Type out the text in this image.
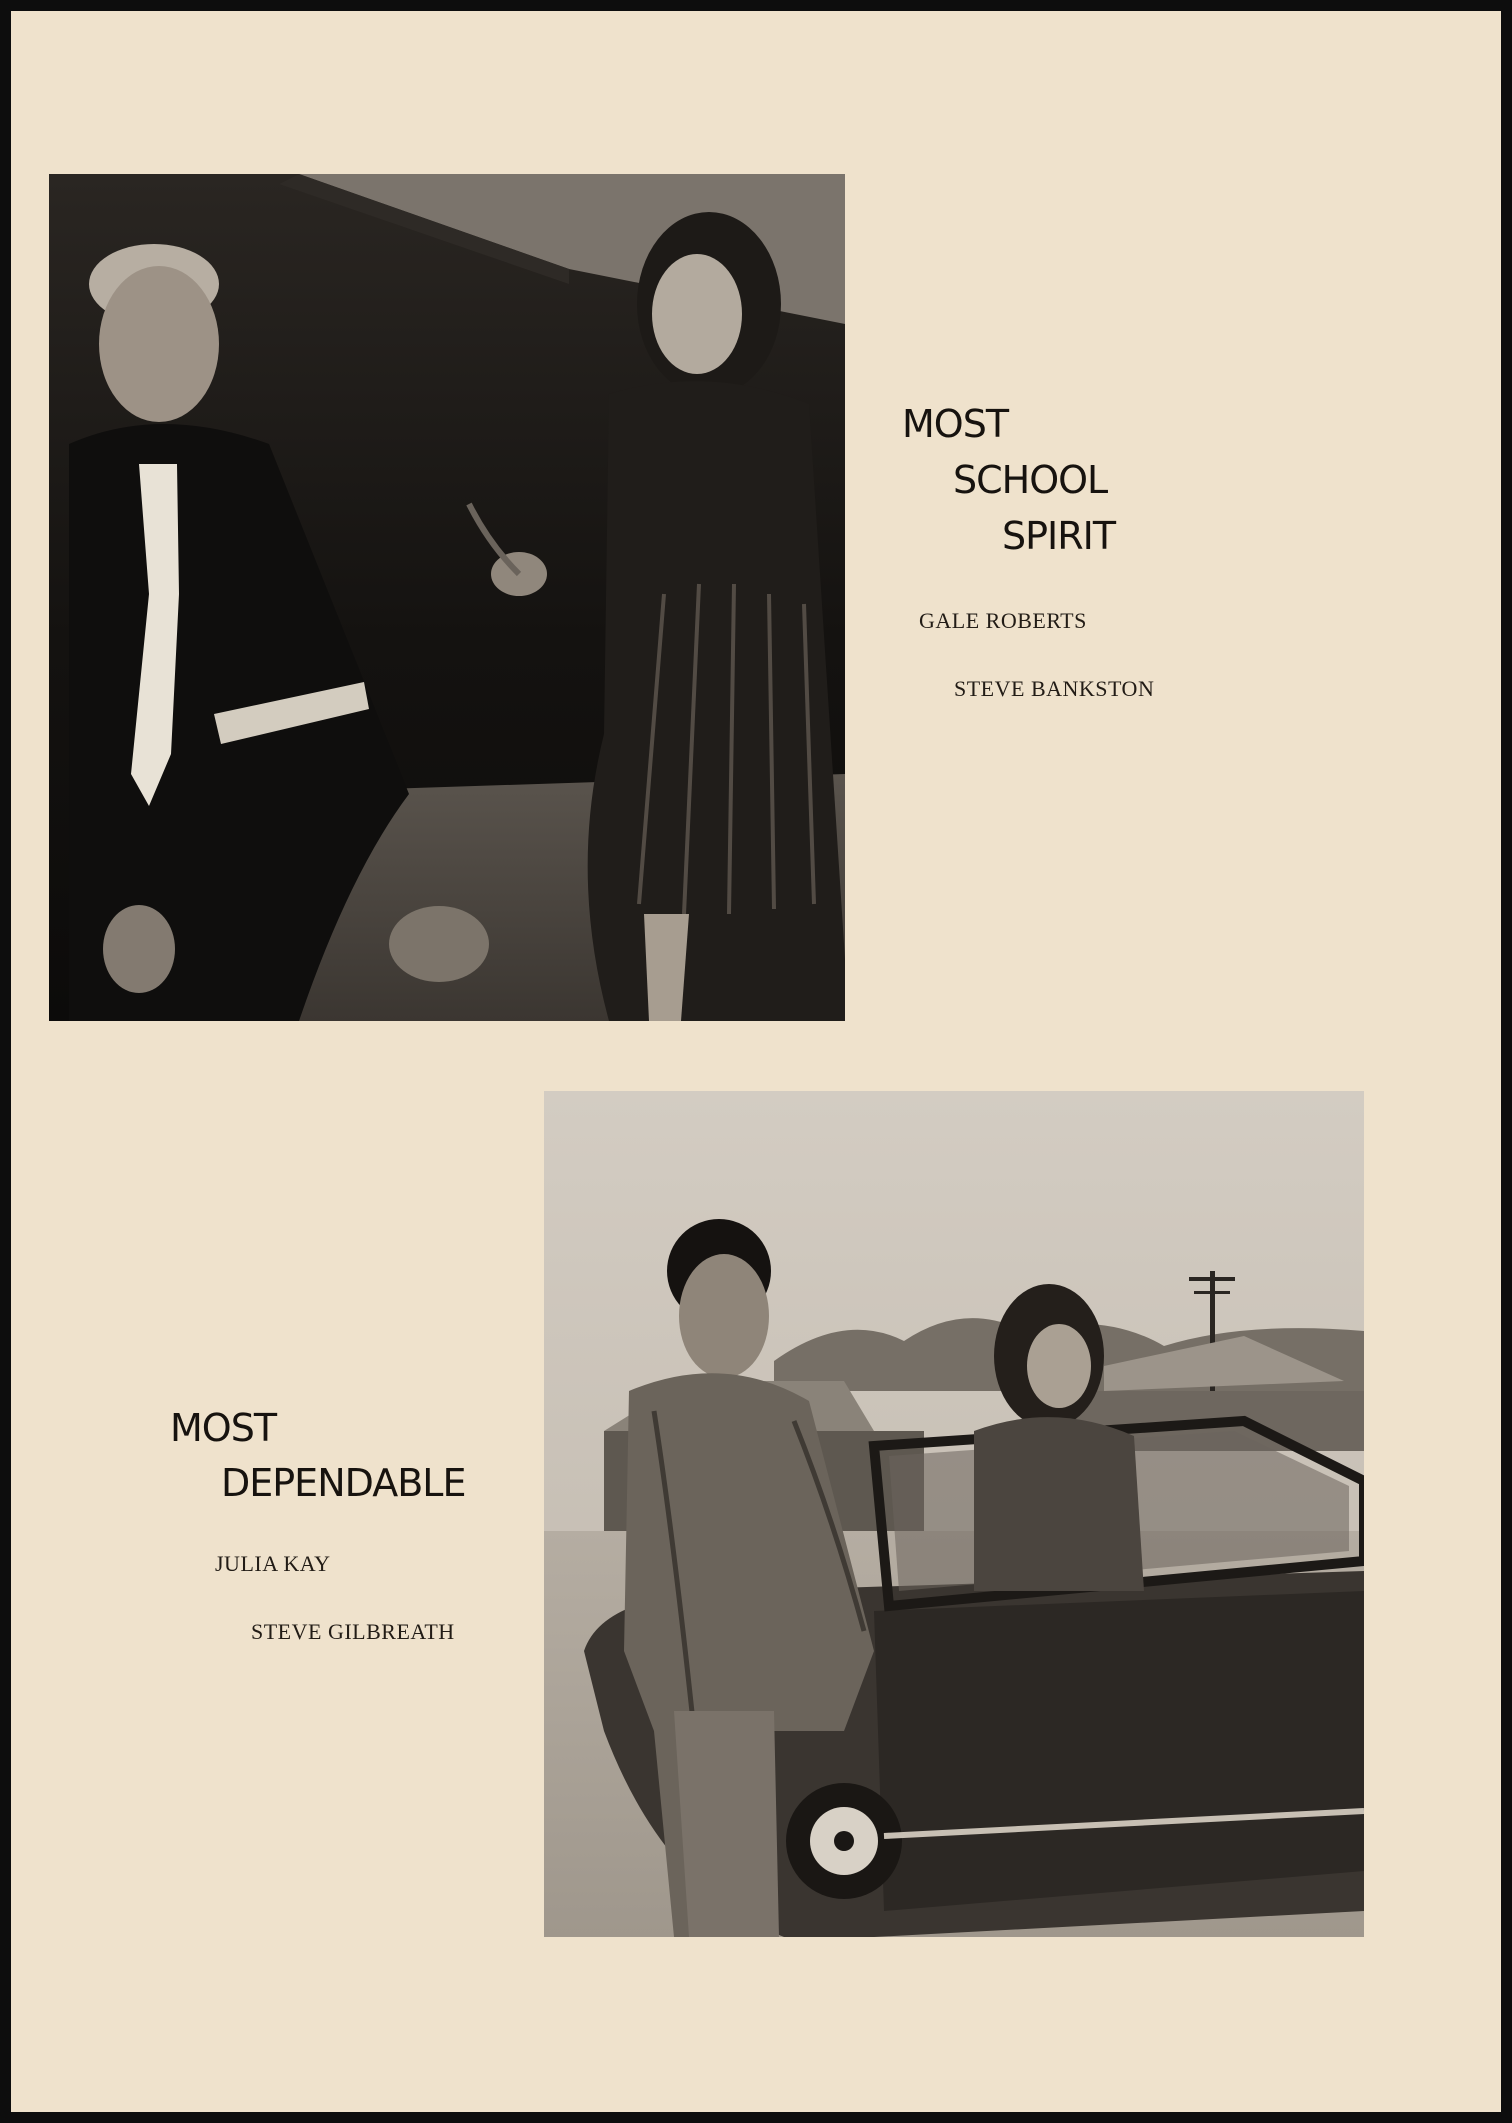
MOST
SCHOOL
SPIRIT
GALE ROBERTS
STEVE BANKSTON
MOST
DEPENDABLE
JULIA KAY
STEVE GILBREATH
